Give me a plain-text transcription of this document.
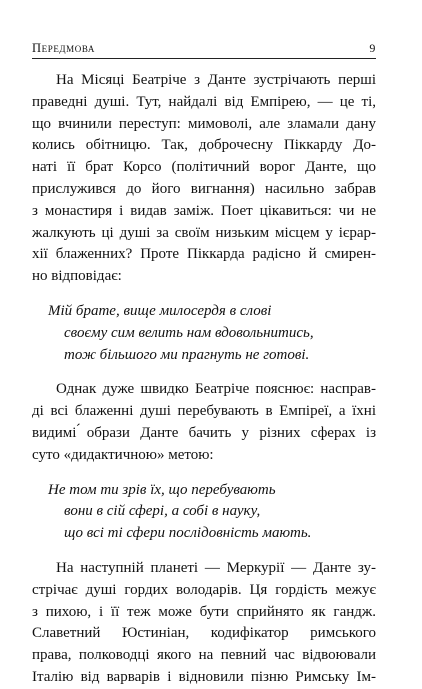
Передмова	9
На Місяці Беатріче з Данте зустрічають перші
праведні душі. Тут, найдалі від Емпірею, — це ті,
що вчинили переступ: мимоволі, але зламали дану
колись обітницю. Так, доброчесну Піккарду До-
наті її брат Корсо (політичний ворог Данте, що
прислужився до його вигнання) насильно забрав
з монастиря і видав заміж. Поет цікавиться: чи не
жалкують ці душі за своїм низьким місцем у ієрар-
хії блаженних? Проте Піккарда радісно й смирен-
но відповідає:
Мій брате, вище милосердя в слові
своєму сим велить нам вдовольнитись,
тож більшого ми прагнуть не готові.
Однак дуже швидко Беатріче пояснює: насправ-
ді всі блаженні душі перебувають в Емпіреї, а їхні
видимі ́образи Данте бачить у різних сферах із
суто «дидактичною» метою:
Не том ти зрів їх, що перебувають
вони в сій сфері, а собі в науку,
що всі ті сфери послідовність мають.
На наступній планеті — Меркурії — Данте зу-
стрічає душі гордих володарів. Ця гордість межує
з пихою, і її теж може бути сприйнято як гандж.
Славетний Юстиніан, кодифікатор римського
права, полководці якого на певний час відвоювали
Італію від варварів і відновили пізню Римську Ім-
